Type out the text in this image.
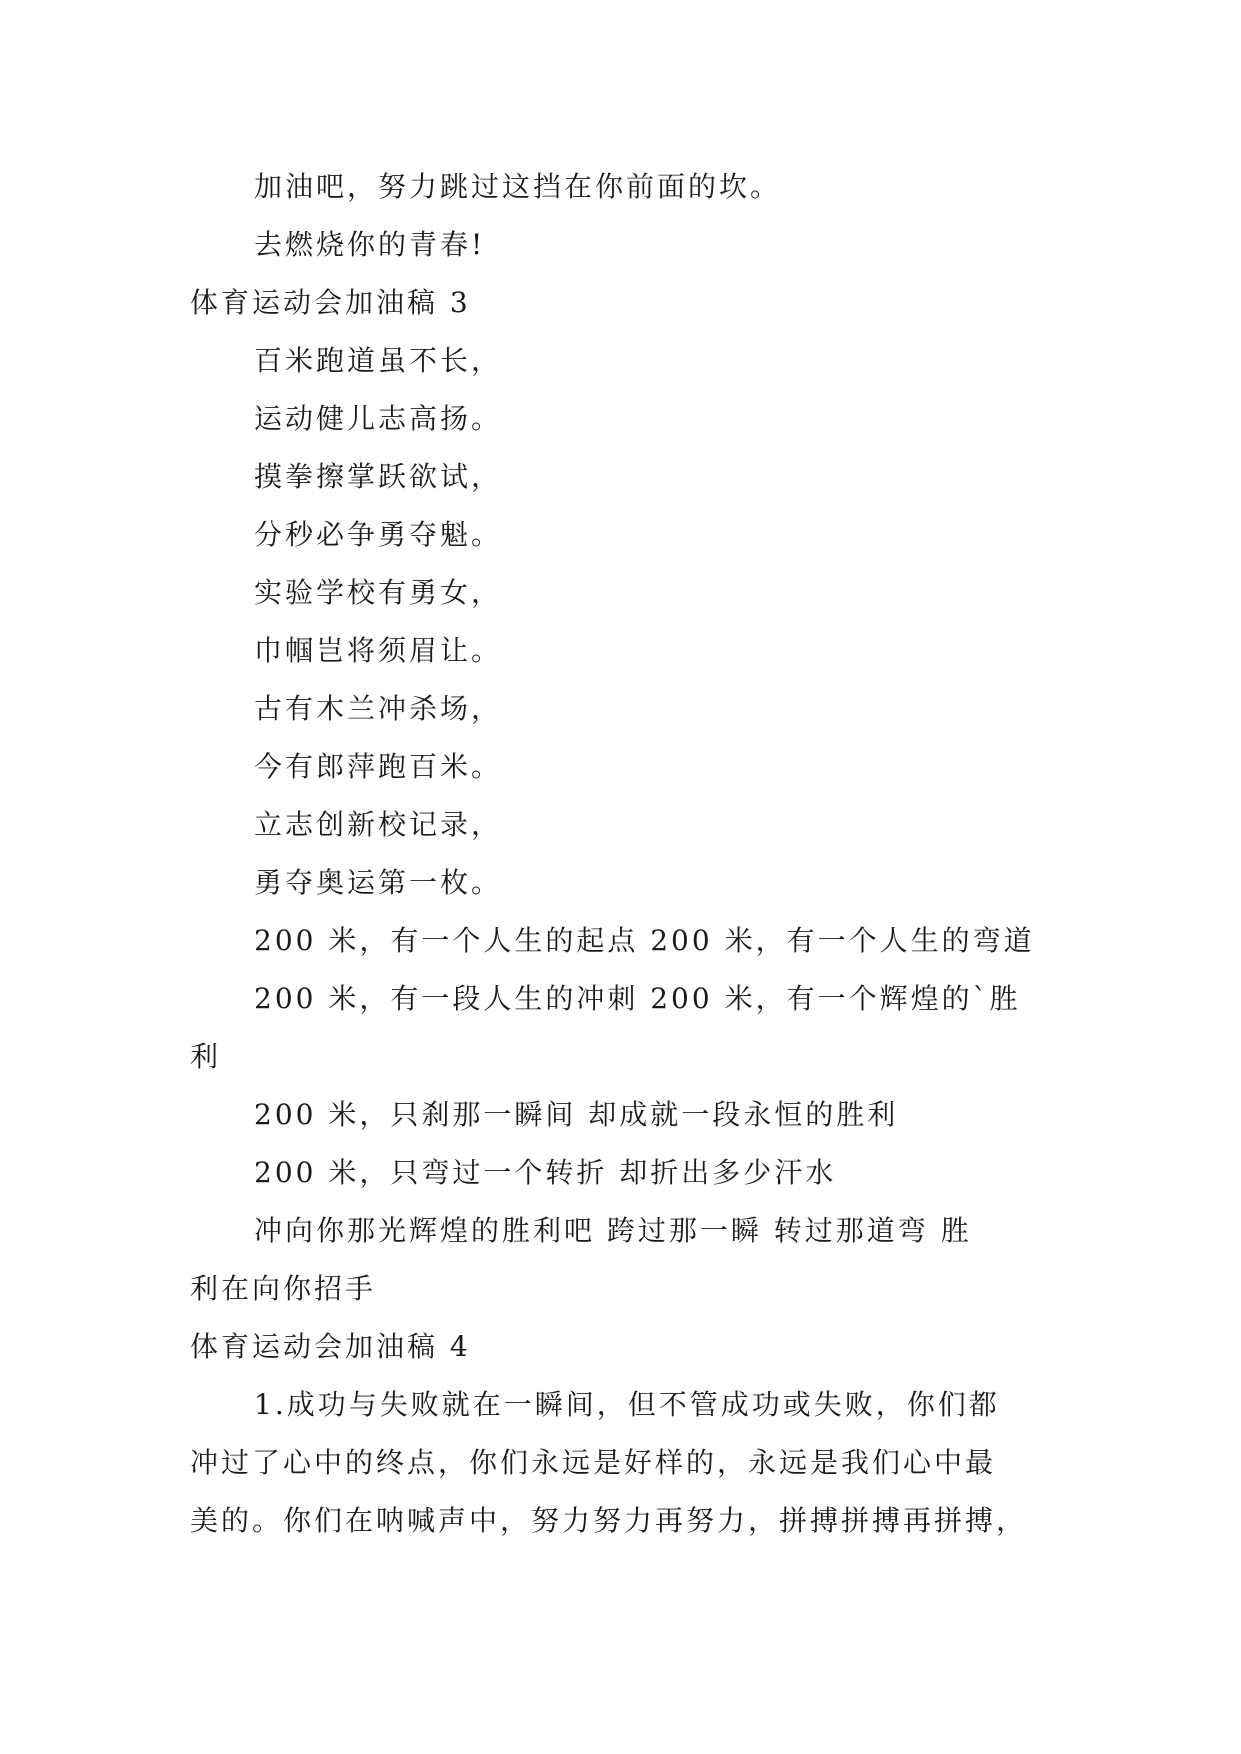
加油吧，努力跳过这挡在你前面的坎。
去燃烧你的青春!
体育运动会加油稿 3
百米跑道虽不长，
运动健儿志高扬。
摸拳擦掌跃欲试，
分秒必争勇夺魁。
实验学校有勇女，
巾帼岂将须眉让。
古有木兰冲杀场，
今有郎萍跑百米。
立志创新校记录，
勇夺奥运第一枚。
200 米，有一个人生的起点 200 米，有一个人生的弯道
200 米，有一段人生的冲刺 200 米，有一个辉煌的`胜
利
200 米，只刹那一瞬间 却成就一段永恒的胜利
200 米，只弯过一个转折 却折出多少汗水
冲向你那光辉煌的胜利吧 跨过那一瞬 转过那道弯 胜
利在向你招手
体育运动会加油稿 4
1.成功与失败就在一瞬间，但不管成功或失败，你们都
冲过了心中的终点，你们永远是好样的，永远是我们心中最
美的。你们在呐喊声中，努力努力再努力，拼搏拼搏再拼搏，
